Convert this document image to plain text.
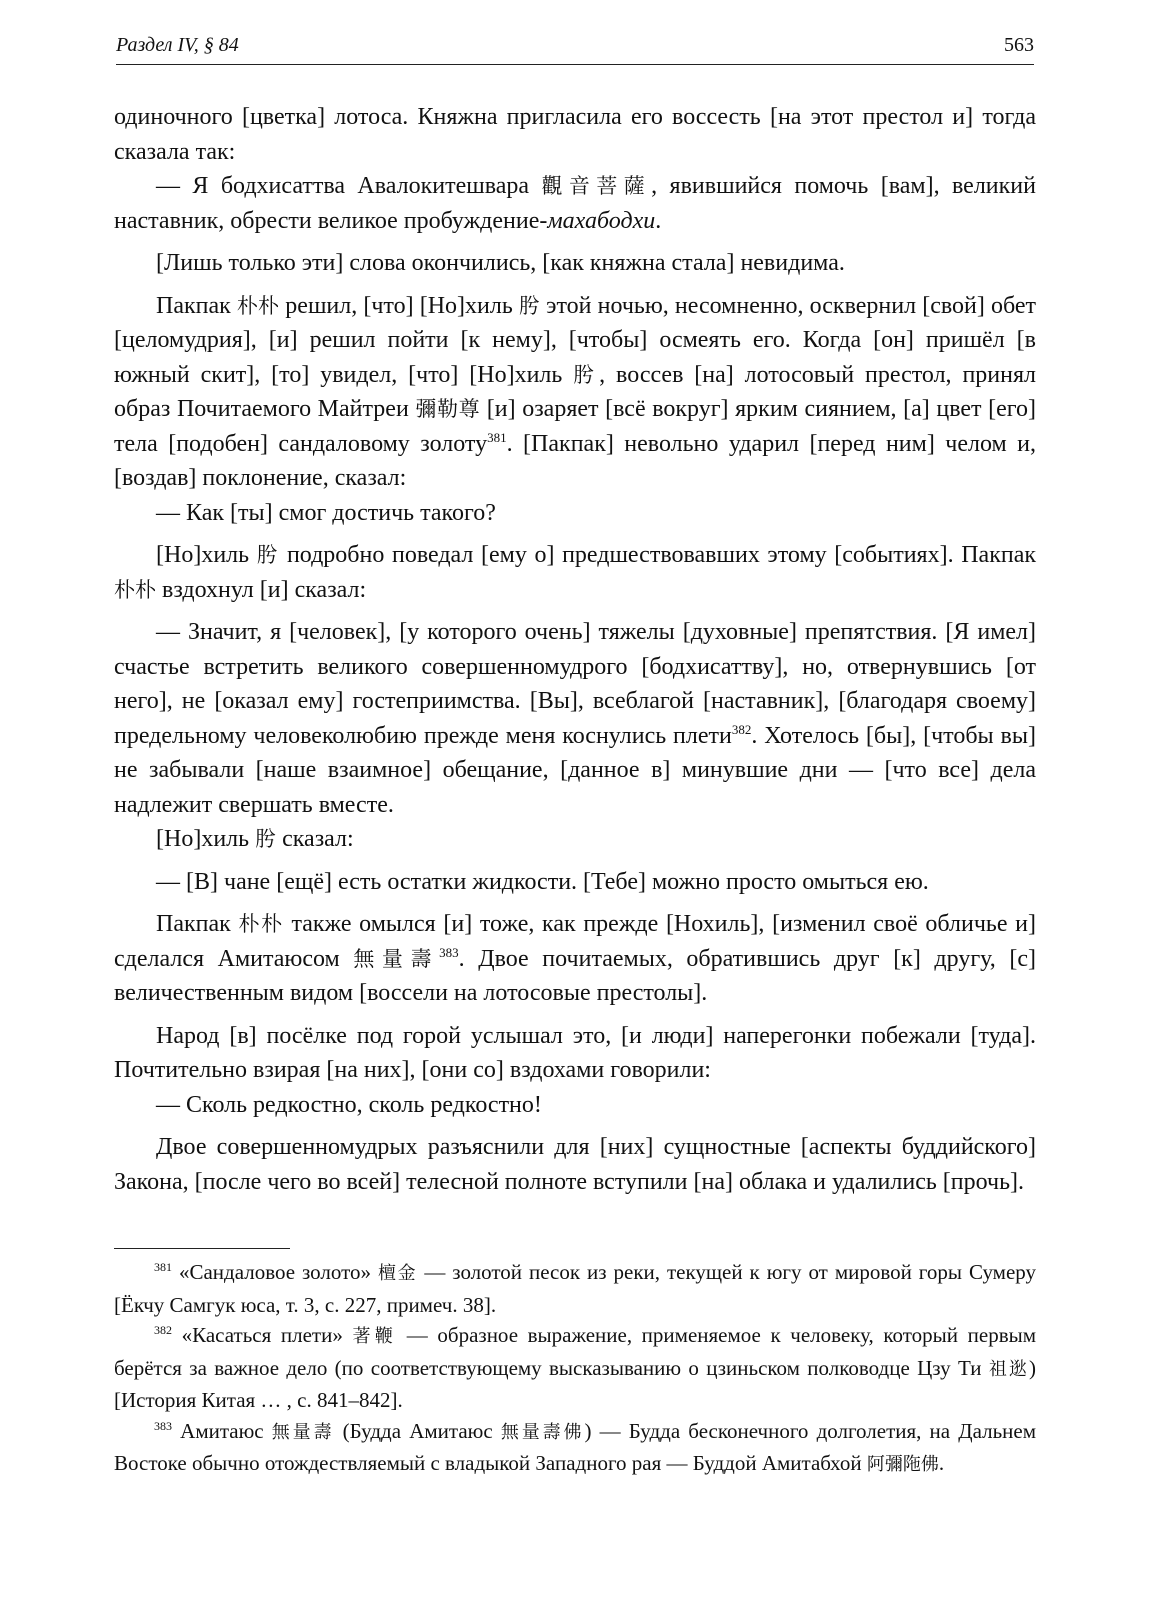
Раздел IV, § 84	563

одиночного [цветка] лотоса. Княжна пригласила его воссесть [на этот престол и] тогда сказала так:

— Я бодхисаттва Авалокитешвара 觀音菩薩, явившийся помочь [вам], великий наставник, обрести великое пробуждение-махабодхи.

[Лишь только эти] слова окончились, [как княжна стала] невидима.

Пакпак 朴朴 решил, [что] [Но]хиль 肹 этой ночью, несомненно, осквернил [свой] обет [целомудрия], [и] решил пойти [к нему], [чтобы] осмеять его. Когда [он] пришёл [в южный скит], [то] увидел, [что] [Но]хиль 肹, воссев [на] лотосовый престол, принял образ Почитаемого Майтреи 彌勒尊 [и] озаряет [всё вокруг] ярким сиянием, [а] цвет [его] тела [подобен] сандаловому золоту$^{381}$. [Пакпак] невольно ударил [перед ним] челом и, [воздав] поклонение, сказал:

— Как [ты] смог достичь такого?

[Но]хиль 肹 подробно поведал [ему о] предшествовавших этому [событиях]. Пакпак 朴朴 вздохнул [и] сказал:

— Значит, я [человек], [у которого очень] тяжелы [духовные] препятствия. [Я имел] счастье встретить великого совершенномудрого [бодхисаттву], но, отвернувшись [от него], не [оказал ему] гостеприимства. [Вы], всеблагой [наставник], [благодаря своему] предельному человеколюбию прежде меня коснулись плети$^{382}$. Хотелось [бы], [чтобы вы] не забывали [наше взаимное] обещание, [данное в] минувшие дни — [что все] дела надлежит свершать вместе.

[Но]хиль 肹 сказал:

— [В] чане [ещё] есть остатки жидкости. [Тебе] можно просто омыться ею.

Пакпак 朴朴 также омылся [и] тоже, как прежде [Нохиль], [изменил своё обличье и] сделался Амитаюсом 無量壽$^{383}$. Двое почитаемых, обратившись друг [к] другу, [с] величественным видом [воссели на лотосовые престолы].

Народ [в] посёлке под горой услышал это, [и люди] наперегонки побежали [туда]. Почтительно взирая [на них], [они со] вздохами говорили:

— Сколь редкостно, сколь редкостно!

Двое совершенномудрых разъяснили для [них] сущностные [аспекты буддийского] Закона, [после чего во всей] телесной полноте вступили [на] облака и удалились [прочь].

$^{381}$ «Сандаловое золото» 檀金 — золотой песок из реки, текущей к югу от мировой горы Сумеру [Ёкчу Самгук юса, т. 3, с. 227, примеч. 38].

$^{382}$ «Касаться плети» 著鞭 — образное выражение, применяемое к человеку, который первым берётся за важное дело (по соответствующему высказыванию о цзиньском полководце Цзу Ти 祖逖) [История Китая … , с. 841–842].

$^{383}$ Амитаюс 無量壽 (Будда Амитаюс 無量壽佛) — Будда бесконечного долголетия, на Дальнем Востоке обычно отождествляемый с владыкой Западного рая — Буддой Амитабхой 阿彌陁佛.
